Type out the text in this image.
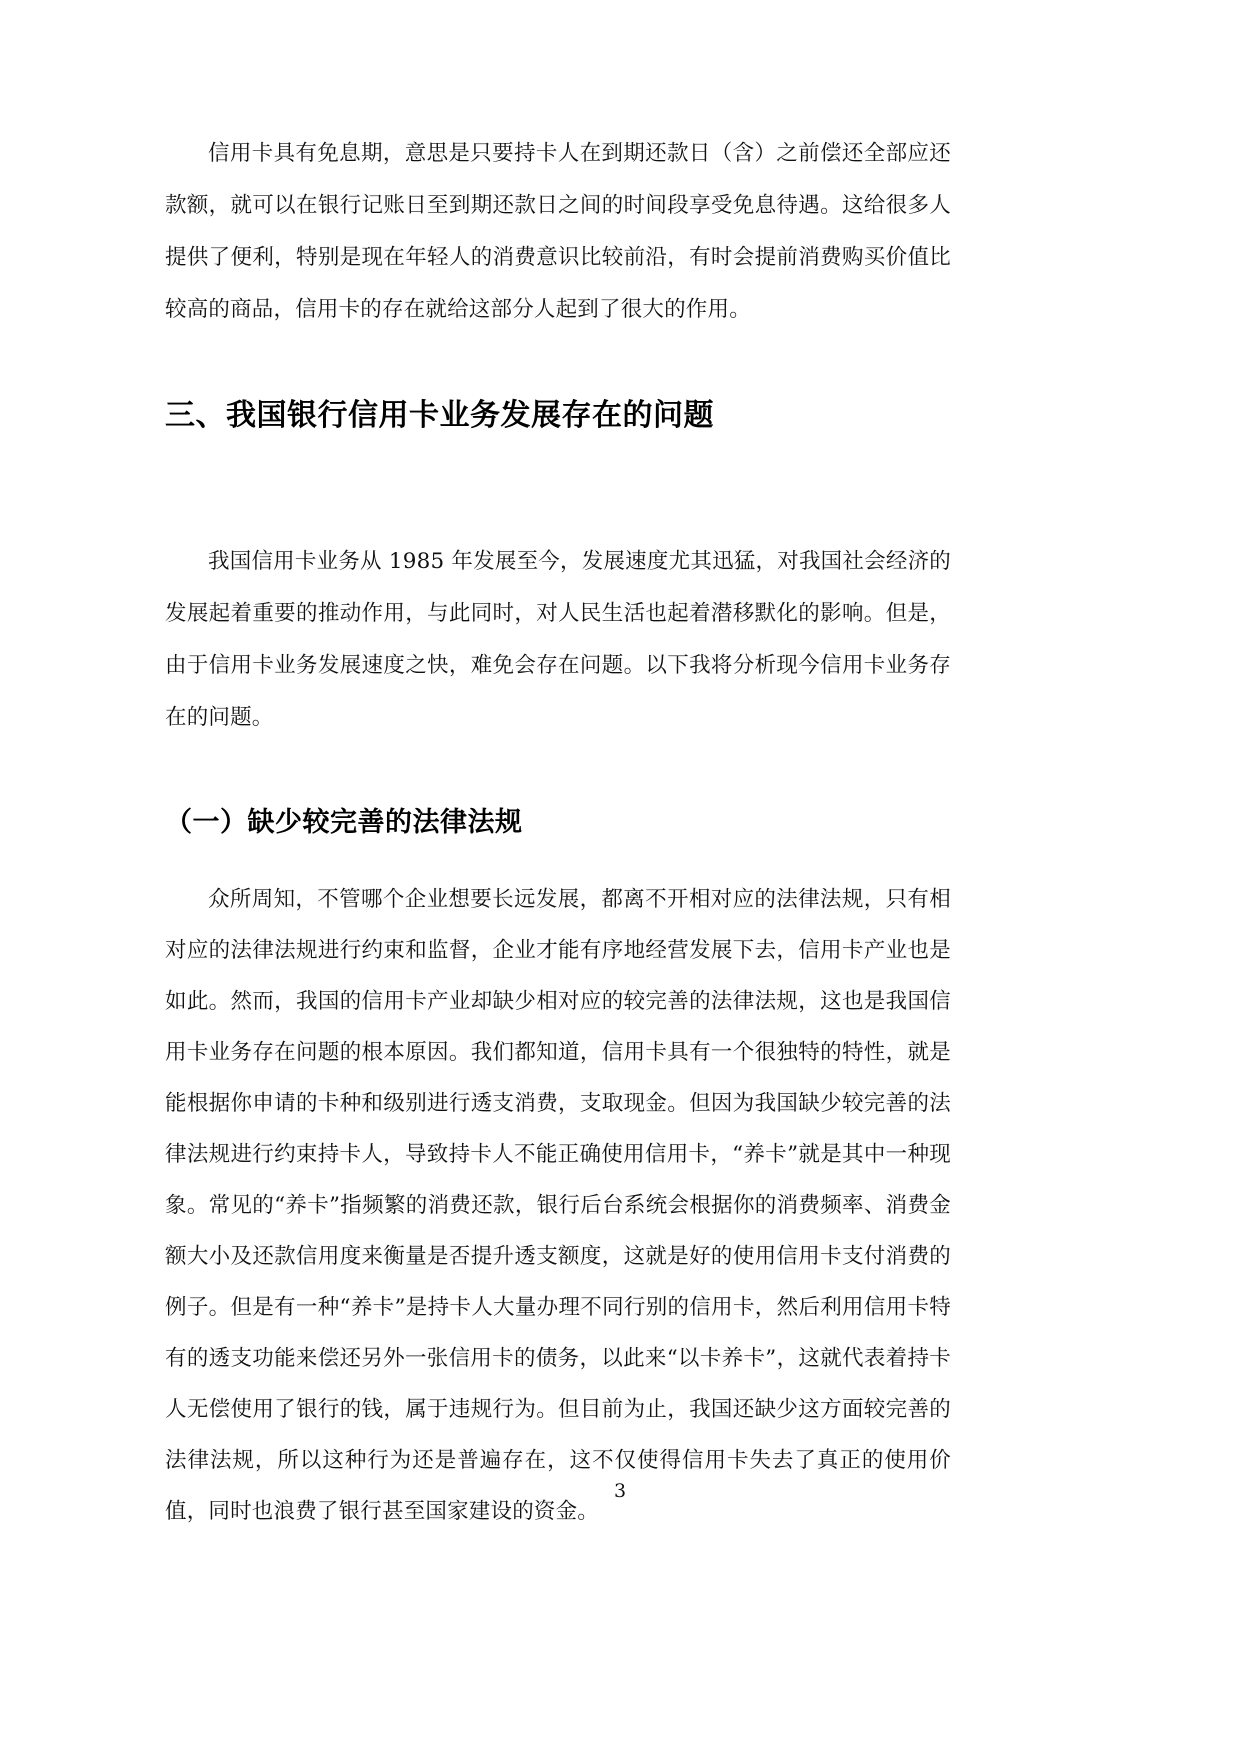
信用卡具有免息期，意思是只要持卡人在到期还款日（含）之前偿还全部应还款额，就可以在银行记账日至到期还款日之间的时间段享受免息待遇。这给很多人提供了便利，特别是现在年轻人的消费意识比较前沿，有时会提前消费购买价值比较高的商品，信用卡的存在就给这部分人起到了很大的作用。

三、我国银行信用卡业务发展存在的问题

我国信用卡业务从 1985 年发展至今，发展速度尤其迅猛，对我国社会经济的发展起着重要的推动作用，与此同时，对人民生活也起着潜移默化的影响。但是，由于信用卡业务发展速度之快，难免会存在问题。以下我将分析现今信用卡业务存在的问题。

（一）缺少较完善的法律法规

众所周知，不管哪个企业想要长远发展，都离不开相对应的法律法规，只有相对应的法律法规进行约束和监督，企业才能有序地经营发展下去，信用卡产业也是如此。然而，我国的信用卡产业却缺少相对应的较完善的法律法规，这也是我国信用卡业务存在问题的根本原因。我们都知道，信用卡具有一个很独特的特性，就是能根据你申请的卡种和级别进行透支消费，支取现金。但因为我国缺少较完善的法律法规进行约束持卡人，导致持卡人不能正确使用信用卡，“养卡”就是其中一种现象。常见的“养卡”指频繁的消费还款，银行后台系统会根据你的消费频率、消费金额大小及还款信用度来衡量是否提升透支额度，这就是好的使用信用卡支付消费的例子。但是有一种“养卡”是持卡人大量办理不同行别的信用卡，然后利用信用卡特有的透支功能来偿还另外一张信用卡的债务，以此来“以卡养卡”，这就代表着持卡人无偿使用了银行的钱，属于违规行为。但目前为止，我国还缺少这方面较完善的法律法规，所以这种行为还是普遍存在，这不仅使得信用卡失去了真正的使用价值，同时也浪费了银行甚至国家建设的资金。

3
